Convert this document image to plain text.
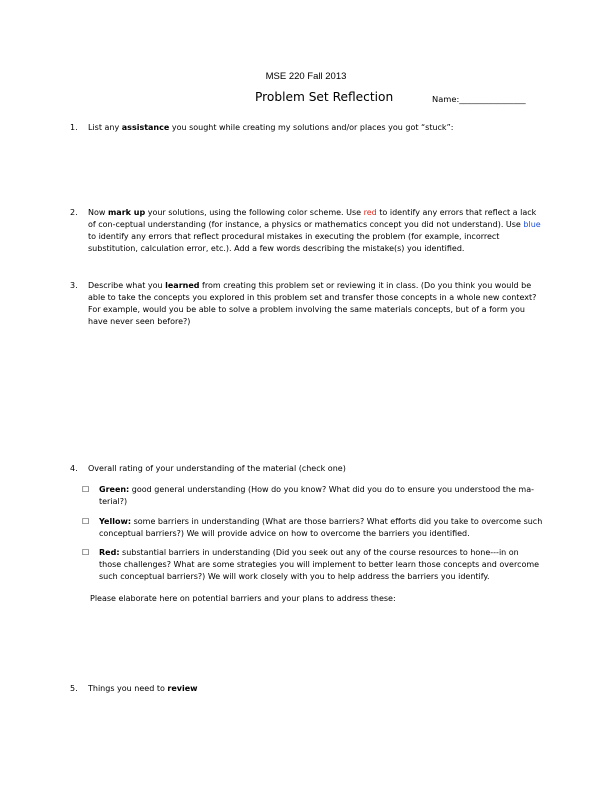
MSE 220 Fall 2013
Problem Set Reflection	Name:________________
1. List any assistance you sought while creating my solutions and/or places you got “stuck”:
2. Now mark up your solutions, using the following color scheme. Use red to identify any errors that reflect a lack of con-ceptual understanding (for instance, a physics or mathematics concept you did not understand). Use blue to identify any errors that reflect procedural mistakes in executing the problem (for example, incorrect substitution, calculation error, etc.). Add a few words describing the mistake(s) you identified.
3. Describe what you learned from creating this problem set or reviewing it in class. (Do you think you would be able to take the concepts you explored in this problem set and transfer those concepts in a whole new context? For example, would you be able to solve a problem involving the same materials concepts, but of a form you have never seen before?)
4. Overall rating of your understanding of the material (check one)
☐ Green: good general understanding (How do you know? What did you do to ensure you understood the ma-terial?)
☐ Yellow: some barriers in understanding (What are those barriers? What efforts did you take to overcome such conceptual barriers?) We will provide advice on how to overcome the barriers you identified.
☐ Red: substantial barriers in understanding (Did you seek out any of the course resources to hone---in on those challenges? What are some strategies you will implement to better learn those concepts and overcome such conceptual barriers?) We will work closely with you to help address the barriers you identify.
Please elaborate here on potential barriers and your plans to address these:
5. Things you need to review
